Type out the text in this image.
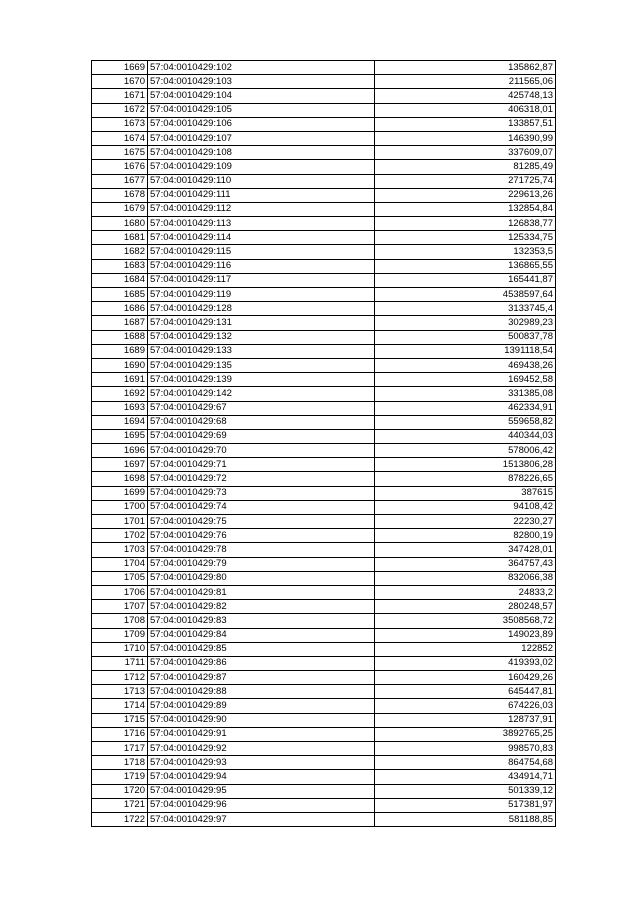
1669	57:04:0010429:102	135862,87
1670	57:04:0010429:103	211565,06
1671	57:04:0010429:104	425748,13
1672	57:04:0010429:105	406318,01
1673	57:04:0010429:106	133857,51
1674	57:04:0010429:107	146390,99
1675	57:04:0010429:108	337609,07
1676	57:04:0010429:109	81285,49
1677	57:04:0010429:110	271725,74
1678	57:04:0010429:111	229613,26
1679	57:04:0010429:112	132854,84
1680	57:04:0010429:113	126838,77
1681	57:04:0010429:114	125334,75
1682	57:04:0010429:115	132353,5
1683	57:04:0010429:116	136865,55
1684	57:04:0010429:117	165441,87
1685	57:04:0010429:119	4538597,64
1686	57:04:0010429:128	3133745,4
1687	57:04:0010429:131	302989,23
1688	57:04:0010429:132	500837,78
1689	57:04:0010429:133	1391118,54
1690	57:04:0010429:135	469438,26
1691	57:04:0010429:139	169452,58
1692	57:04:0010429:142	331385,08
1693	57:04:0010429:67	462334,91
1694	57:04:0010429:68	559658,82
1695	57:04:0010429:69	440344,03
1696	57:04:0010429:70	578006,42
1697	57:04:0010429:71	1513806,28
1698	57:04:0010429:72	878226,65
1699	57:04:0010429:73	387615
1700	57:04:0010429:74	94108,42
1701	57:04:0010429:75	22230,27
1702	57:04:0010429:76	82800,19
1703	57:04:0010429:78	347428,01
1704	57:04:0010429:79	364757,43
1705	57:04:0010429:80	832066,38
1706	57:04:0010429:81	24833,2
1707	57:04:0010429:82	280248,57
1708	57:04:0010429:83	3508568,72
1709	57:04:0010429:84	149023,89
1710	57:04:0010429:85	122852
1711	57:04:0010429:86	419393,02
1712	57:04:0010429:87	160429,26
1713	57:04:0010429:88	645447,81
1714	57:04:0010429:89	674226,03
1715	57:04:0010429:90	128737,91
1716	57:04:0010429:91	3892765,25
1717	57:04:0010429:92	998570,83
1718	57:04:0010429:93	864754,68
1719	57:04:0010429:94	434914,71
1720	57:04:0010429:95	501339,12
1721	57:04:0010429:96	517381,97
1722	57:04:0010429:97	581188,85
